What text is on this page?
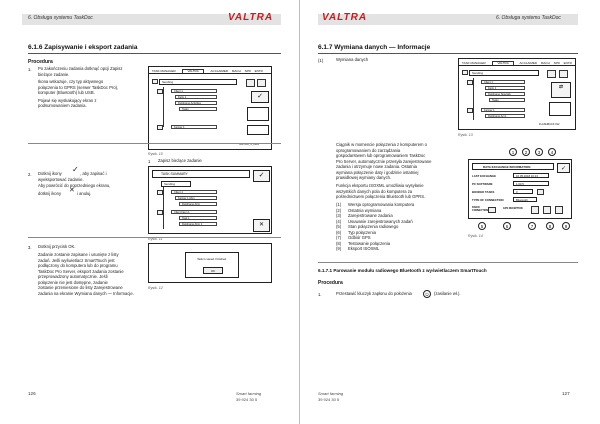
6. Obsługa systemu TaskDoc	VALTRA
6.1.6 Zapisywanie i eksport zadania
Procedura
1. Po zakończeniu zadania dotknąć opcji Zapisz
bieżące zadanie.
Ikona wskazuje, czy typ aktywnego
połączenia to GPRS (serwer TaskDoc Pro),
komputer (Bluetooth) lub USB.
Pojawi się wyskakujący ekran z
podsumowaniem zadania.
TASK MANAGER	VALTRA	ACCLAIMED MACH SPR ENTR
Sending
Client 1
Farm 1
Fieldname Activities
Tasks
Farmer 1
✓
VALTRA_S_2020
Rysik. 10
1 Zapisz bieżące zadanie
2. Dotknij ikony ✓ , aby zapisać i
wyeksportować zadanie.
Aby powrócić do poprzedniego ekranu,
dotknij ikony ✕ i anuluj.
TASK SUMMARY	✓
Sending
Client 1
Farmer 1 Ahm
Fieldname Ahm
Client Farm 1
Task 1
Fieldname Ahm 1	✕
Rysik. 11
3. Dotknij przycisk OK.
Zadanie zostanie zapisane i usunięte z listy
zadań. Jeśli wyświetlacz SmartTouch jest
podłączony do komputera lub do programu
TaskDoc Pro Server, eksport zadania zostanie
przeprowadzony automatycznie. Jeśli
połączenie nie jest dostępne, zadanie
zostanie przeniesione do listy Zarejestrowane
zadania na ekranie Wymiana danych — Informacje.
Task is saved. Finished.
OK
Rysik. 12
126	Smart farming
39 924 30 5
VALTRA	6. Obsługa systemu TaskDoc
6.1.7 Wymiana danych — Informacje
(1)	Wymiana danych
TASK MANAGER	VALTRA	ACCLAIMED MACH SPR ENTR
Sending
Client 1
Farm 1
Fieldname Specials
Tasks
Farmer 1
Fieldname Act 1
⇄
FLASHBACK 012
Rysik. 13
Ciągnik w momencie połączenia z komputerem o
oprogramowaniem do zarządzania
gospodarstwem lub oprogramowaniem TaskDoc
Pro Server, automatycznie przesyła zarejestrowane
zadania i otrzymuje nowe zadania. Ostatnia
wymiana połączenie daty i godzinie ostatniej
prawidłowej wymiany danych.
Funkcja eksportu ISOXML umożliwia wysyłanie
wszystkich danych pola do komputera za
pośrednictwem połączenia Bluetooth lub GPRS.
(1) Wersja oprogramowania komputera
(2) Ostatnia wymiana
(3) Zarejestrowane zadania
(4) Usuwanie zarejestrowanych zadań
(5) Stan połączenia radiowego
(6) Typ połączenia
(7) Odbiór GPS
(8) Testowanie połączenia
(9) Eksport ISOXML
1	2	3	4
DATA EXCHANGE INFORMATION	✓
LAST EXCHANGE	10.05.2018 10:13
PC SOFTWARE	1.00.5
BOOKED TASKS	3
TYPE OF CONNECTION	Bluetooth
RADIO CONNECTION
GPS RECEPTION
5	6	7	8	9
Rysik. 14
6.1.7.1 Parowanie modułu radiowego Bluetooth z wyświetlaczem SmartTouch
Procedura
1.	Przestawić kluczyk zapłonu do położenia	⏻	(zasilanie wł.).
Smart farming
39 924 30 5
127
